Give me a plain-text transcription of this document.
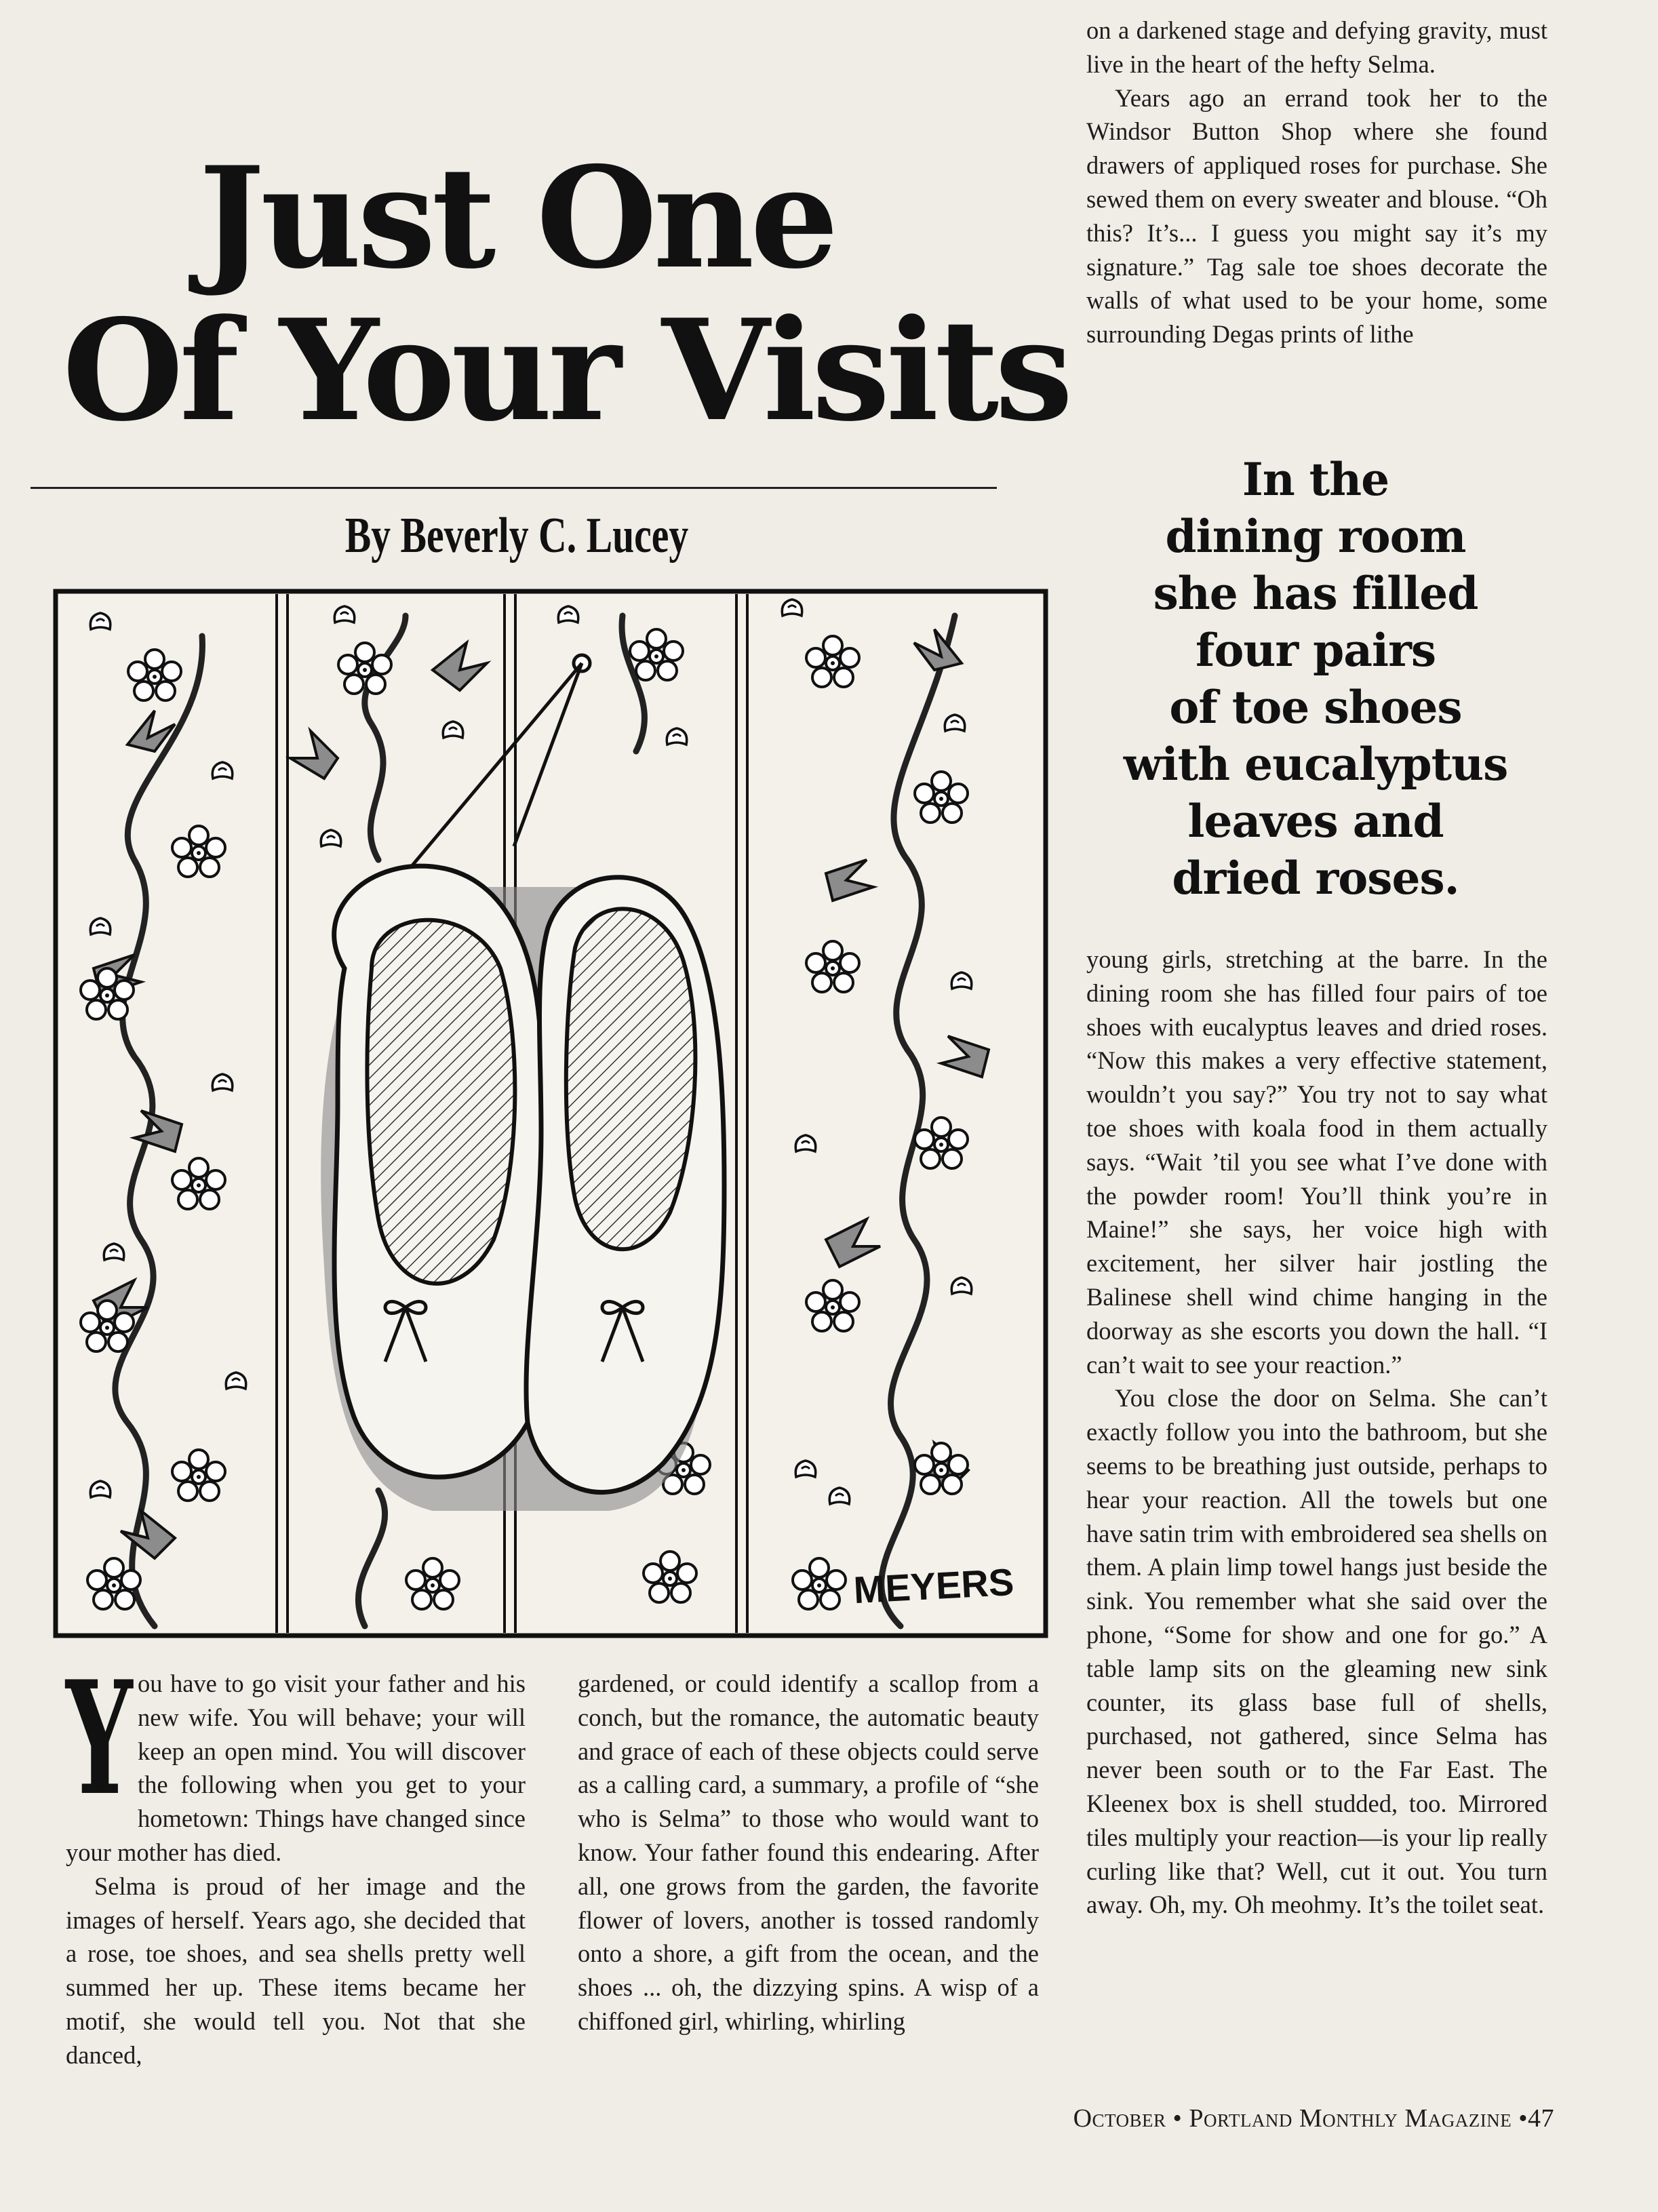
Just One
Of Your Visits
By Beverly C. Lucey
MEYERS

You have to go visit your father and his new wife. You will behave; your will keep an open mind. You will discover the following when you get to your hometown: Things have changed since your mother has died.

Selma is proud of her image and the images of herself. Years ago, she decided that a rose, toe shoes, and sea shells pretty well summed her up. These items became her motif, she would tell you. Not that she danced,

gardened, or could identify a scallop from a conch, but the romance, the automatic beauty and grace of each of these objects could serve as a calling card, a summary, a profile of “she who is Selma” to those who would want to know. Your father found this endearing. After all, one grows from the garden, the favorite flower of lovers, another is tossed randomly onto a shore, a gift from the ocean, and the shoes ... oh, the dizzying spins. A wisp of a chiffoned girl, whirling, whirling

on a darkened stage and defying gravity, must live in the heart of the hefty Selma.

Years ago an errand took her to the Windsor Button Shop where she found drawers of appliqued roses for purchase. She sewed them on every sweater and blouse. “Oh this? It’s... I guess you might say it’s my signature.” Tag sale toe shoes decorate the walls of what used to be your home, some surrounding Degas prints of lithe

In the
dining room
she has filled
four pairs
of toe shoes
with eucalyptus
leaves and
dried roses.

young girls, stretching at the barre. In the dining room she has filled four pairs of toe shoes with eucalyptus leaves and dried roses. “Now this makes a very effective statement, wouldn’t you say?” You try not to say what toe shoes with koala food in them actually says. “Wait ’til you see what I’ve done with the powder room! You’ll think you’re in Maine!” she says, her voice high with excitement, her silver hair jostling the Balinese shell wind chime hanging in the doorway as she escorts you down the hall. “I can’t wait to see your reaction.”

You close the door on Selma. She can’t exactly follow you into the bathroom, but she seems to be breathing just outside, perhaps to hear your reaction. All the towels but one have satin trim with embroidered sea shells on them. A plain limp towel hangs just beside the sink. You remember what she said over the phone, “Some for show and one for go.” A table lamp sits on the gleaming new sink counter, its glass base full of shells, purchased, not gathered, since Selma has never been south or to the Far East. The Kleenex box is shell studded, too. Mirrored tiles multiply your reaction—is your lip really curling like that? Well, cut it out. You turn away. Oh, my. Oh meohmy. It’s the toilet seat.

October • Portland Monthly Magazine •47
